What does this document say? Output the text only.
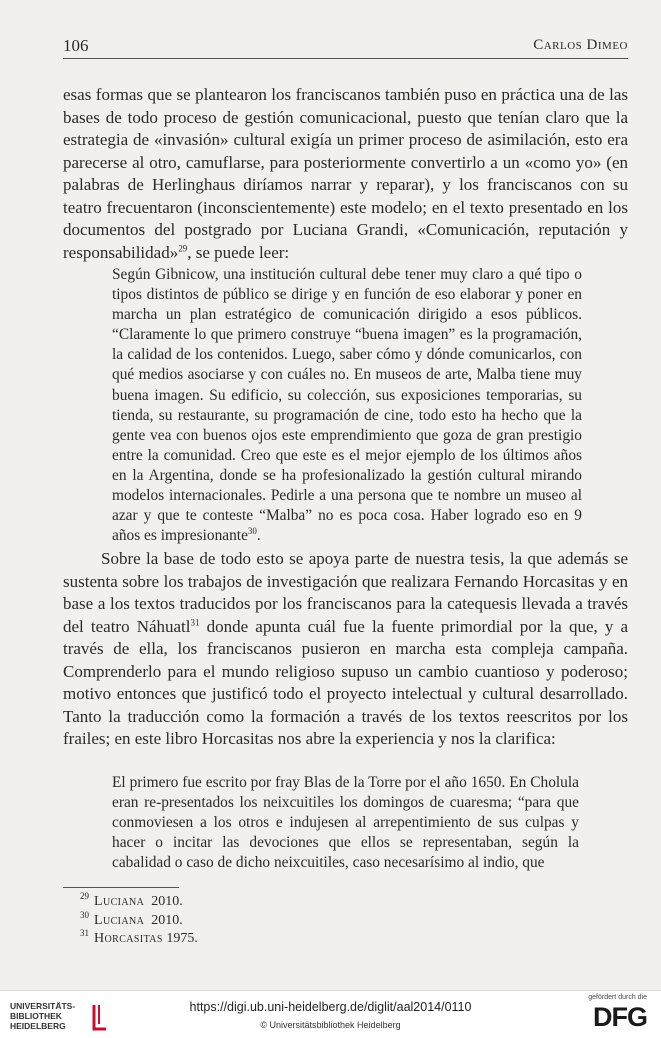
106	Carlos Dimeo

esas formas que se plantearon los franciscanos también puso en práctica una de las bases de todo proceso de gestión comunicacional, puesto que tenían claro que la estrategia de «invasión» cultural exigía un primer proceso de asimilación, esto era parecerse al otro, camuflarse, para posteriormente convertirlo a un «como yo» (en palabras de Herlinghaus diríamos narrar y reparar), y los franciscanos con su teatro frecuentaron (inconscientemente) este modelo; en el texto presentado en los documentos del postgrado por Luciana Grandi, «Comunicación, reputación y responsabilidad»$^{29}$, se puede leer:

Según Gibnicow, una institución cultural debe tener muy claro a qué tipo o tipos distintos de público se dirige y en función de eso elaborar y poner en marcha un plan estratégico de comunicación dirigido a esos públicos. “Claramente lo que primero construye “buena imagen” es la programación, la calidad de los contenidos. Luego, saber cómo y dónde comunicarlos, con qué medios asociarse y con cuáles no. En museos de arte, Malba tiene muy buena imagen. Su edificio, su colección, sus exposiciones temporarias, su tienda, su restaurante, su programación de cine, todo esto ha hecho que la gente vea con buenos ojos este emprendimiento que goza de gran prestigio entre la comunidad. Creo que este es el mejor ejemplo de los últimos años en la Argentina, donde se ha profesionalizado la gestión cultural mirando modelos internacionales. Pedirle a una persona que te nombre un museo al azar y que te conteste “Malba” no es poca cosa. Haber logrado eso en 9 años es impresionante$^{30}$.

Sobre la base de todo esto se apoya parte de nuestra tesis, la que además se sustenta sobre los trabajos de investigación que realizara Fernando Horcasitas y en base a los textos traducidos por los franciscanos para la catequesis llevada a través del teatro Náhuatl$^{31}$ donde apunta cuál fue la fuente primordial por la que, y a través de ella, los franciscanos pusieron en marcha esta compleja campaña. Comprenderlo para el mundo religioso supuso un cambio cuantioso y poderoso; motivo entonces que justificó todo el proyecto intelectual y cultural desarrollado. Tanto la traducción como la formación a través de los textos reescritos por los frailes; en este libro Horcasitas nos abre la experiencia y nos la clarifica:

El primero fue escrito por fray Blas de la Torre por el año 1650. En Cholula eran re-presentados los neixcuitiles los domingos de cuaresma; “para que conmoviesen a los otros e indujesen al arrepentimiento de sus culpas y hacer o incitar las devociones que ellos se representaban, según la cabalidad o caso de dicho neixcuitiles, caso necesarísimo al indio, que

29 Luciana 2010.
30 Luciana 2010.
31 Horcasitas 1975.
UNIVERSITÄTS-
BIBLIOTHEK
HEIDELBERG
https://digi.ub.uni-heidelberg.de/diglit/aal2014/0110
© Universitätsbibliothek Heidelberg
gefördert durch die
DFG
